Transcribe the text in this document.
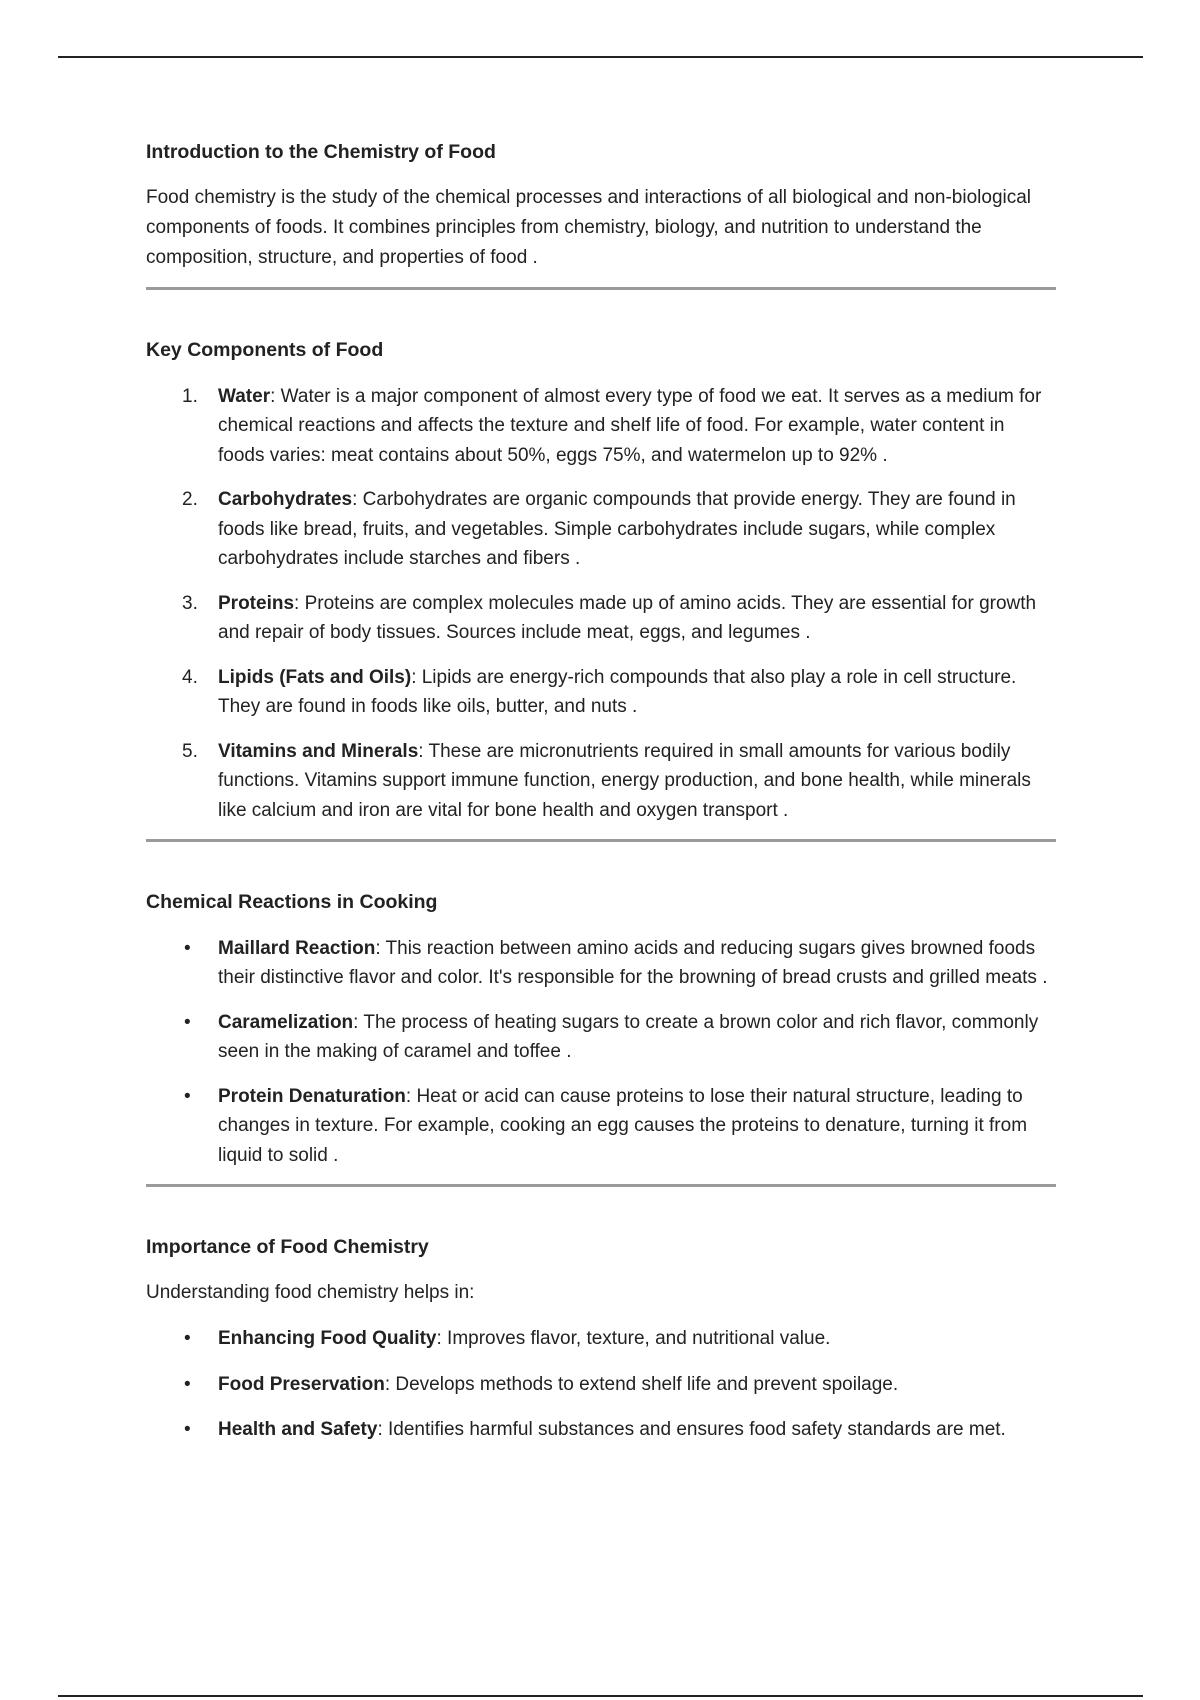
Introduction to the Chemistry of Food

Food chemistry is the study of the chemical processes and interactions of all biological and non-biological components of foods. It combines principles from chemistry, biology, and nutrition to understand the composition, structure, and properties of food .

Key Components of Food
1. Water: Water is a major component of almost every type of food we eat. It serves as a medium for chemical reactions and affects the texture and shelf life of food. For example, water content in foods varies: meat contains about 50%, eggs 75%, and watermelon up to 92% .
2. Carbohydrates: Carbohydrates are organic compounds that provide energy. They are found in foods like bread, fruits, and vegetables. Simple carbohydrates include sugars, while complex carbohydrates include starches and fibers .
3. Proteins: Proteins are complex molecules made up of amino acids. They are essential for growth and repair of body tissues. Sources include meat, eggs, and legumes .
4. Lipids (Fats and Oils): Lipids are energy-rich compounds that also play a role in cell structure. They are found in foods like oils, butter, and nuts .
5. Vitamins and Minerals: These are micronutrients required in small amounts for various bodily functions. Vitamins support immune function, energy production, and bone health, while minerals like calcium and iron are vital for bone health and oxygen transport .
Chemical Reactions in Cooking
• Maillard Reaction: This reaction between amino acids and reducing sugars gives browned foods their distinctive flavor and color. It's responsible for the browning of bread crusts and grilled meats .
• Caramelization: The process of heating sugars to create a brown color and rich flavor, commonly seen in the making of caramel and toffee .
• Protein Denaturation: Heat or acid can cause proteins to lose their natural structure, leading to changes in texture. For example, cooking an egg causes the proteins to denature, turning it from liquid to solid .
Importance of Food Chemistry

Understanding food chemistry helps in:

• Enhancing Food Quality: Improves flavor, texture, and nutritional value.
• Food Preservation: Develops methods to extend shelf life and prevent spoilage.
• Health and Safety: Identifies harmful substances and ensures food safety standards are met.
